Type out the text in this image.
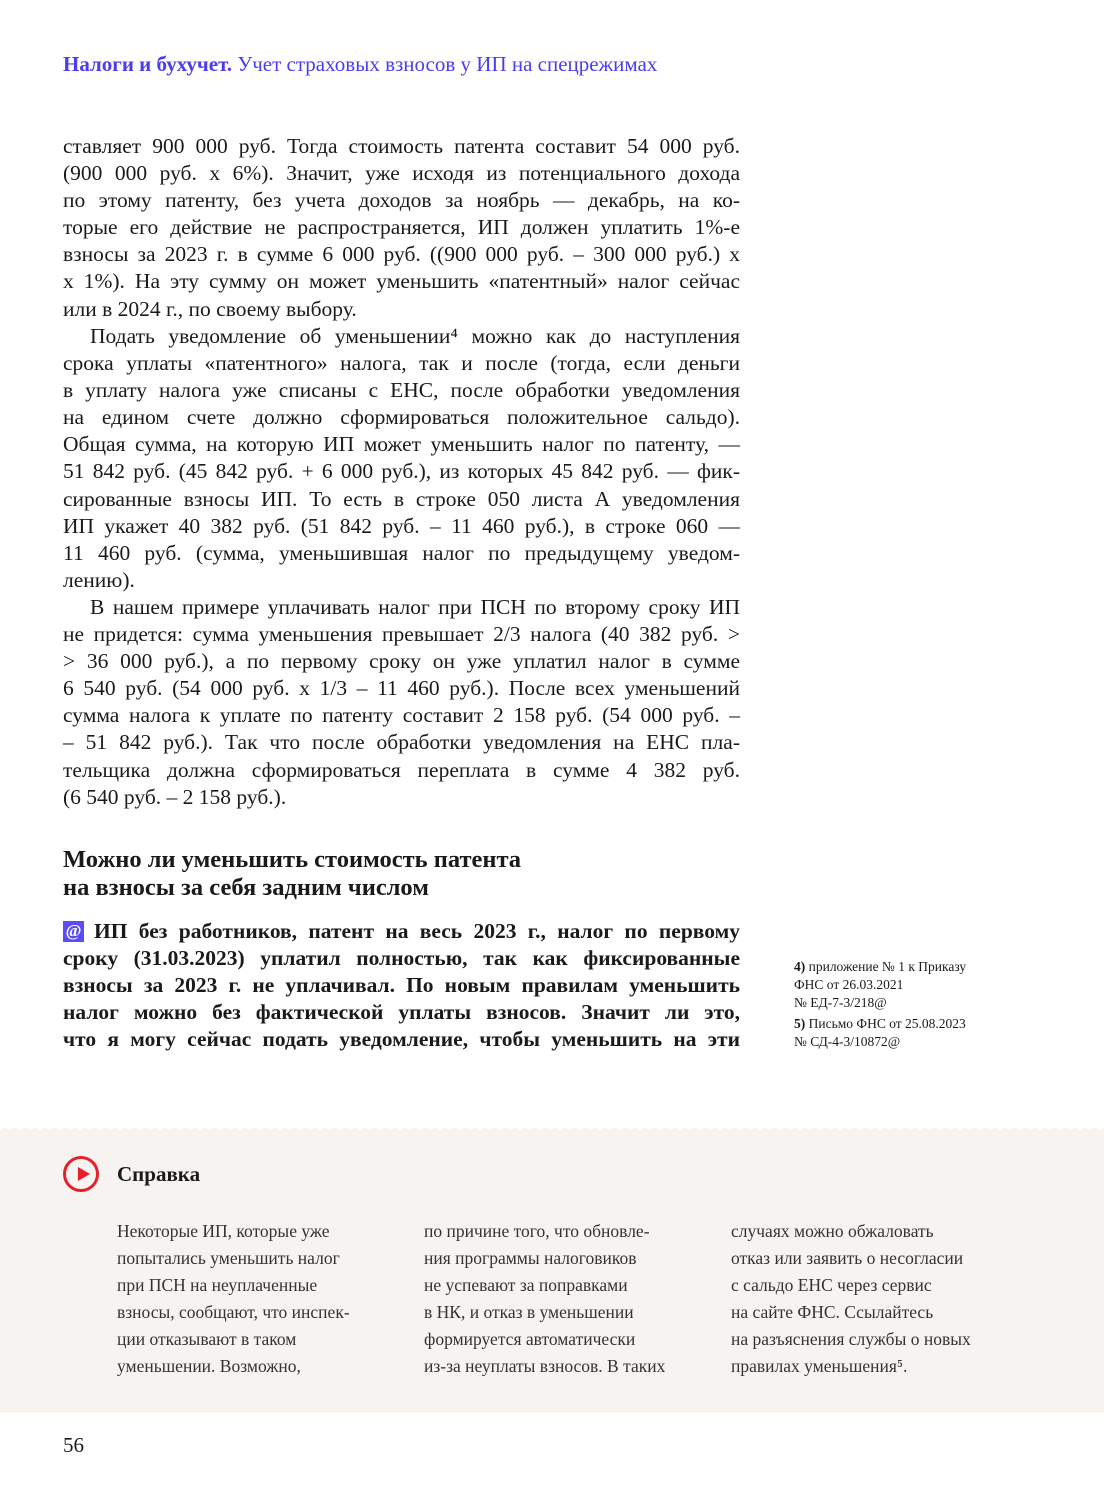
Налоги и бухучет. Учет страховых взносов у ИП на спецрежимах
ставляет 900 000 руб. Тогда стоимость патента составит 54 000 руб.
(900 000 руб. x 6%). Значит, уже исходя из потенциального дохода
по этому патенту, без учета доходов за ноябрь — декабрь, на ко-
торые его действие не распространяется, ИП должен уплатить 1%-е
взносы за 2023 г. в сумме 6 000 руб. ((900 000 руб. – 300 000 руб.) x
x 1%). На эту сумму он может уменьшить «патентный» налог сейчас
или в 2024 г., по своему выбору.
Подать уведомление об уменьшении⁴ можно как до наступления
срока уплаты «патентного» налога, так и после (тогда, если деньги
в уплату налога уже списаны с ЕНС, после обработки уведомления
на едином счете должно сформироваться положительное сальдо).
Общая сумма, на которую ИП может уменьшить налог по патенту, —
51 842 руб. (45 842 руб. + 6 000 руб.), из которых 45 842 руб. — фик-
сированные взносы ИП. То есть в строке 050 листа А уведомления
ИП укажет 40 382 руб. (51 842 руб. – 11 460 руб.), в строке 060 —
11 460 руб. (сумма, уменьшившая налог по предыдущему уведом-
лению).
В нашем примере уплачивать налог при ПСН по второму сроку ИП
не придется: сумма уменьшения превышает 2/3 налога (40 382 руб. >
> 36 000 руб.), а по первому сроку он уже уплатил налог в сумме
6 540 руб. (54 000 руб. x 1/3 – 11 460 руб.). После всех уменьшений
сумма налога к уплате по патенту составит 2 158 руб. (54 000 руб. –
– 51 842 руб.). Так что после обработки уведомления на ЕНС пла-
тельщика должна сформироваться переплата в сумме 4 382 руб.
(6 540 руб. – 2 158 руб.).
Можно ли уменьшить стоимость патента
на взносы за себя задним числом
@ ИП без работников, патент на весь 2023 г., налог по первому
сроку (31.03.2023) уплатил полностью, так как фиксированные
взносы за 2023 г. не уплачивал. По новым правилам уменьшить
налог можно без фактической уплаты взносов. Значит ли это,
что я могу сейчас подать уведомление, чтобы уменьшить на эти
4) приложение № 1 к Приказу
ФНС от 26.03.2021
№ ЕД-7-3/218@
5) Письмо ФНС от 25.08.2023
№ СД-4-3/10872@
Справка
Некоторые ИП, которые уже
попытались уменьшить налог
при ПСН на неуплаченные
взносы, сообщают, что инспек-
ции отказывают в таком
уменьшении. Возможно,
по причине того, что обновле-
ния программы налоговиков
не успевают за поправками
в НК, и отказ в уменьшении
формируется автоматически
из-за неуплаты взносов. В таких
случаях можно обжаловать
отказ или заявить о несогласии
с сальдо ЕНС через сервис
на сайте ФНС. Ссылайтесь
на разъяснения службы о новых
правилах уменьшения⁵.
56
